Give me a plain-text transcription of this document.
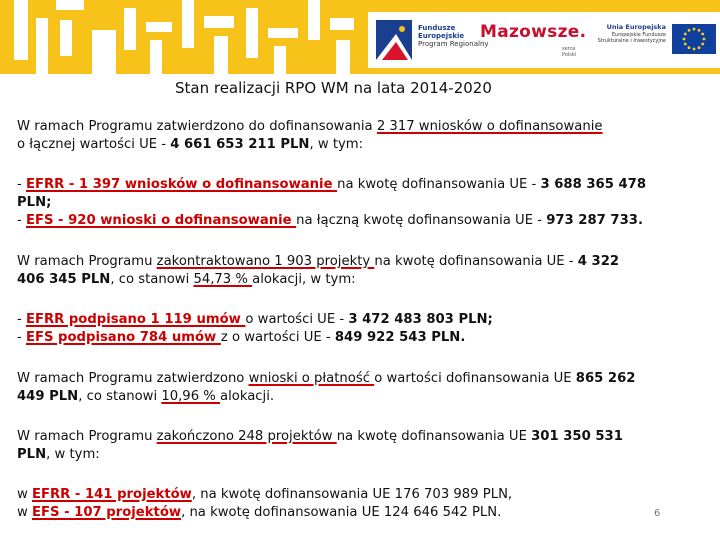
Fundusze
Europejskie
Program Regionalny
Mazowsze.
serce Polski
Unia Europejska
Europejskie Fundusze
Strukturalne i Inwestycyjne
Stan realizacji RPO WM na lata 2014-2020
W ramach Programu zatwierdzono do dofinansowania 2 317 wniosków o dofinansowanie
o łącznej wartości UE - 4 661 653 211 PLN, w tym:
- EFRR - 1 397 wniosków o dofinansowanie na kwotę dofinansowania UE - 3 688 365 478
PLN;
- EFS - 920 wnioski o dofinansowanie na łączną kwotę dofinansowania UE - 973 287 733.
W ramach Programu zakontraktowano 1 903 projekty na kwotę dofinansowania UE - 4 322
406 345 PLN, co stanowi 54,73 % alokacji, w tym:
- EFRR podpisano 1 119 umów o wartości UE - 3 472 483 803 PLN;
- EFS podpisano 784 umów z o wartości UE - 849 922 543 PLN.
W ramach Programu zatwierdzono wnioski o płatność o wartości dofinansowania UE 865 262
449 PLN, co stanowi 10,96 % alokacji.
W ramach Programu zakończono 248 projektów na kwotę dofinansowania UE 301 350 531
PLN, w tym:
w EFRR - 141 projektów, na kwotę dofinansowania UE 176 703 989 PLN,
w EFS - 107 projektów, na kwotę dofinansowania UE 124 646 542 PLN.	6
